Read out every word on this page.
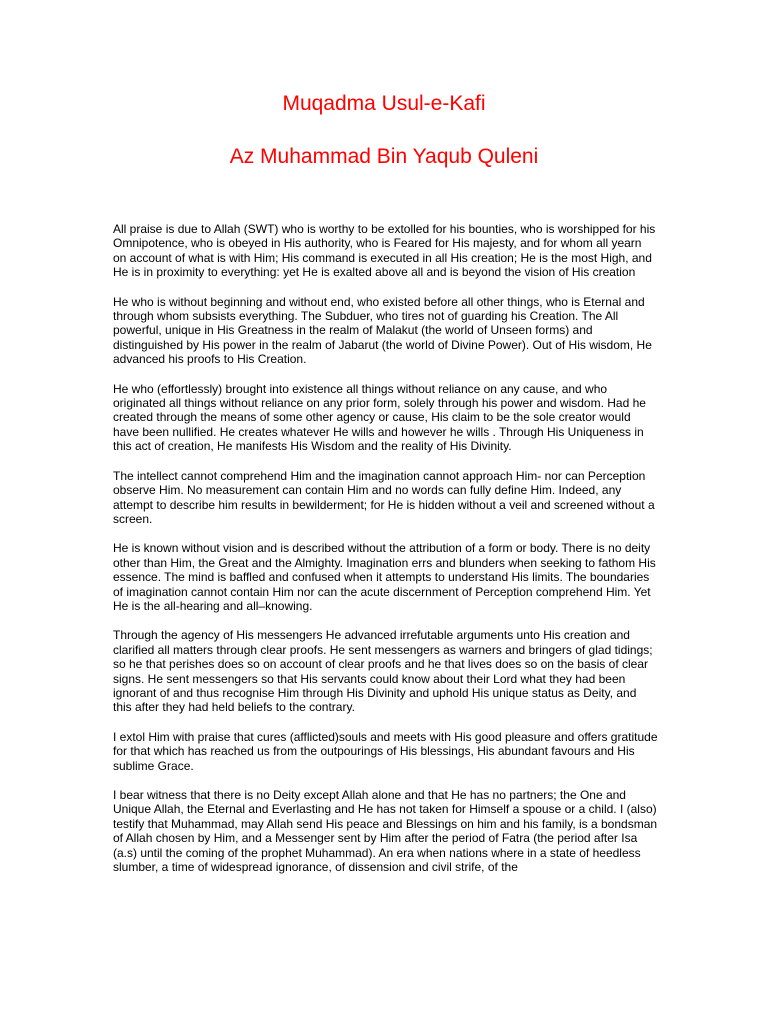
Muqadma Usul-e-Kafi
Az Muhammad Bin Yaqub Quleni

All praise is due to Allah (SWT) who is worthy to be extolled for his bounties, who is worshipped for his Omnipotence, who is obeyed in His authority, who is Feared for His majesty, and for whom all yearn on account of what is with Him; His command is executed in all His creation; He is the most High, and He is in proximity to everything: yet He is exalted above all and is beyond the vision of His creation

He who is without beginning and without end, who existed before all other things, who is Eternal and through whom subsists everything. The Subduer, who tires not of guarding his Creation. The All powerful, unique in His Greatness in the realm of Malakut (the world of Unseen forms) and distinguished by His power in the realm of Jabarut (the world of Divine Power). Out of His wisdom, He advanced his proofs to His Creation.

He who (effortlessly) brought into existence all things without reliance on any cause, and who originated all things without reliance on any prior form, solely through his power and wisdom. Had he created through the means of some other agency or cause, His claim to be the sole creator would have been nullified. He creates whatever He wills and however he wills . Through His Uniqueness in this act of creation, He manifests His Wisdom and the reality of His Divinity.

The intellect cannot comprehend Him and the imagination cannot approach Him- nor can Perception observe Him. No measurement can contain Him and no words can fully define Him. Indeed, any attempt to describe him results in bewilderment; for He is hidden without a veil and screened without a screen.

He is known without vision and is described without the attribution of a form or body. There is no deity other than Him, the Great and the Almighty. Imagination errs and blunders when seeking to fathom His essence. The mind is baffled and confused when it attempts to understand His limits. The boundaries of imagination cannot contain Him nor can the acute discernment of Perception comprehend Him. Yet He is the all-hearing and all–knowing.

Through the agency of His messengers He advanced irrefutable arguments unto His creation and clarified all matters through clear proofs. He sent messengers as warners and bringers of glad tidings; so he that perishes does so on account of clear proofs and he that lives does so on the basis of clear signs. He sent messengers so that His servants could know about their Lord what they had been ignorant of and thus recognise Him through His Divinity and uphold His unique status as Deity, and this after they had held beliefs to the contrary.

I extol Him with praise that cures (afflicted)souls and meets with His good pleasure and offers gratitude for that which has reached us from the outpourings of His blessings, His abundant favours and His sublime Grace.

I bear witness that there is no Deity except Allah alone and that He has no partners; the One and Unique Allah, the Eternal and Everlasting and He has not taken for Himself a spouse or a child. I (also) testify that Muhammad, may Allah send His peace and Blessings on him and his family, is a bondsman of Allah chosen by Him, and a Messenger sent by Him after the period of Fatra (the period after Isa (a.s) until the coming of the prophet Muhammad). An era when nations where in a state of heedless slumber, a time of widespread ignorance, of dissension and civil strife, of the
